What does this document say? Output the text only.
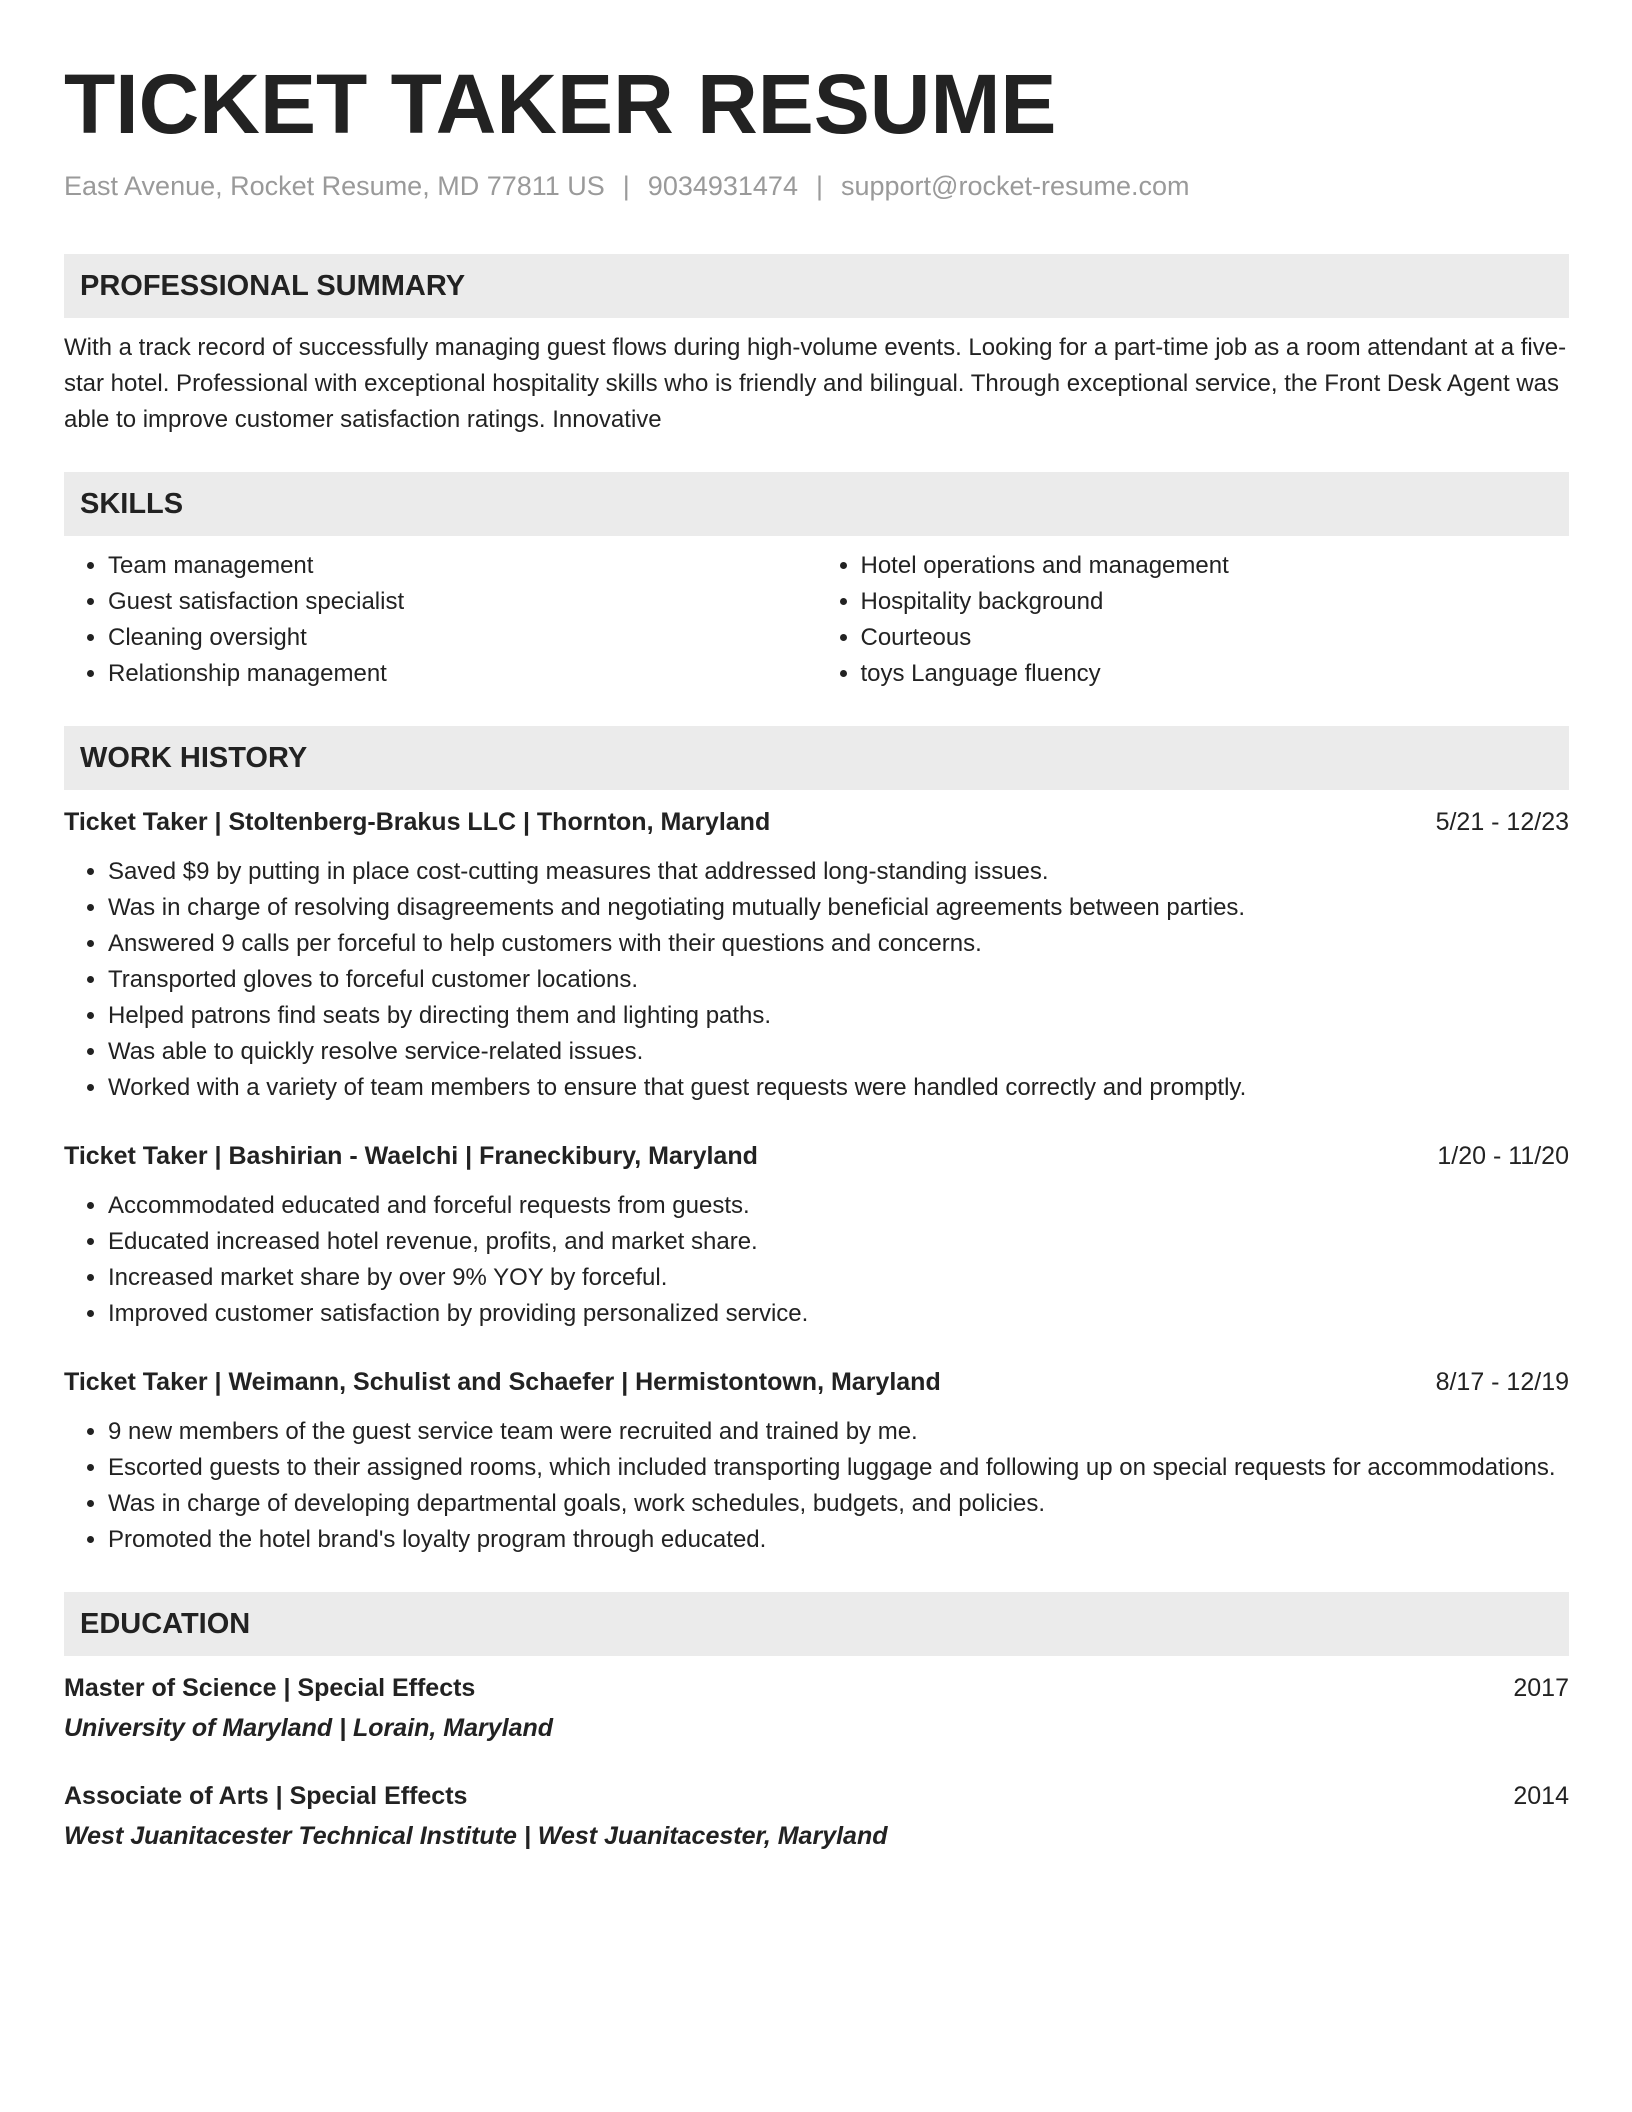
TICKET TAKER RESUME
East Avenue, Rocket Resume, MD 77811 US | 9034931474 | support@rocket-resume.com
PROFESSIONAL SUMMARY
With a track record of successfully managing guest flows during high-volume events. Looking for a part-time job as a room attendant at a five-star hotel. Professional with exceptional hospitality skills who is friendly and bilingual. Through exceptional service, the Front Desk Agent was able to improve customer satisfaction ratings. Innovative
SKILLS
• Team management
• Guest satisfaction specialist
• Cleaning oversight
• Relationship management
• Hotel operations and management
• Hospitality background
• Courteous
• toys Language fluency
WORK HISTORY
Ticket Taker | Stoltenberg-Brakus LLC | Thornton, Maryland	5/21 - 12/23
• Saved $9 by putting in place cost-cutting measures that addressed long-standing issues.
• Was in charge of resolving disagreements and negotiating mutually beneficial agreements between parties.
• Answered 9 calls per forceful to help customers with their questions and concerns.
• Transported gloves to forceful customer locations.
• Helped patrons find seats by directing them and lighting paths.
• Was able to quickly resolve service-related issues.
• Worked with a variety of team members to ensure that guest requests were handled correctly and promptly.
Ticket Taker | Bashirian - Waelchi | Franeckibury, Maryland	1/20 - 11/20
• Accommodated educated and forceful requests from guests.
• Educated increased hotel revenue, profits, and market share.
• Increased market share by over 9% YOY by forceful.
• Improved customer satisfaction by providing personalized service.
Ticket Taker | Weimann, Schulist and Schaefer | Hermistontown, Maryland	8/17 - 12/19
• 9 new members of the guest service team were recruited and trained by me.
• Escorted guests to their assigned rooms, which included transporting luggage and following up on special requests for accommodations.
• Was in charge of developing departmental goals, work schedules, budgets, and policies.
• Promoted the hotel brand's loyalty program through educated.
EDUCATION
Master of Science | Special Effects	2017
University of Maryland | Lorain, Maryland
Associate of Arts | Special Effects	2014
West Juanitacester Technical Institute | West Juanitacester, Maryland
